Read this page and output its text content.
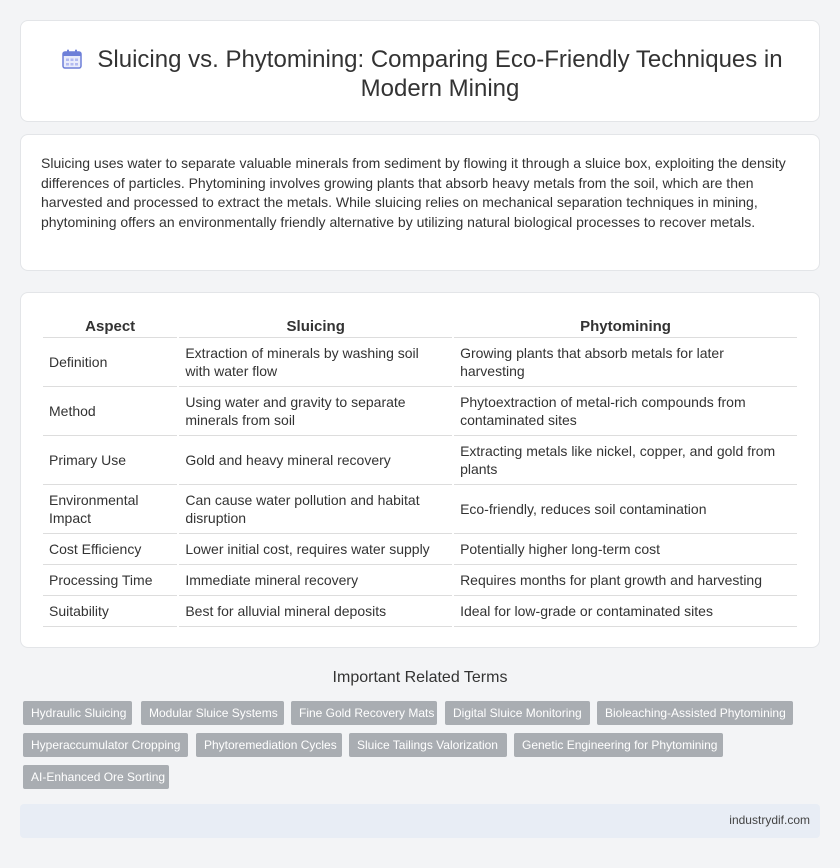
Sluicing vs. Phytomining: Comparing Eco-Friendly Techniques in Modern Mining

Sluicing uses water to separate valuable minerals from sediment by flowing it through a sluice box, exploiting the density differences of particles. Phytomining involves growing plants that absorb heavy metals from the soil, which are then harvested and processed to extract the metals. While sluicing relies on mechanical separation techniques in mining, phytomining offers an environmentally friendly alternative by utilizing natural biological processes to recover metals.

Aspect	Sluicing	Phytomining
Definition	Extraction of minerals by washing soil with water flow	Growing plants that absorb metals for later harvesting
Method	Using water and gravity to separate minerals from soil	Phytoextraction of metal-rich compounds from contaminated sites
Primary Use	Gold and heavy mineral recovery	Extracting metals like nickel, copper, and gold from plants
Environmental Impact	Can cause water pollution and habitat disruption	Eco-friendly, reduces soil contamination
Cost Efficiency	Lower initial cost, requires water supply	Potentially higher long-term cost
Processing Time	Immediate mineral recovery	Requires months for plant growth and harvesting
Suitability	Best for alluvial mineral deposits	Ideal for low-grade or contaminated sites
Important Related Terms
Hydraulic Sluicing	Modular Sluice Systems	Fine Gold Recovery Mats	Digital Sluice Monitoring	Bioleaching-Assisted Phytomining
Hyperaccumulator Cropping	Phytoremediation Cycles	Sluice Tailings Valorization	Genetic Engineering for Phytomining
AI-Enhanced Ore Sorting
industrydif.com
